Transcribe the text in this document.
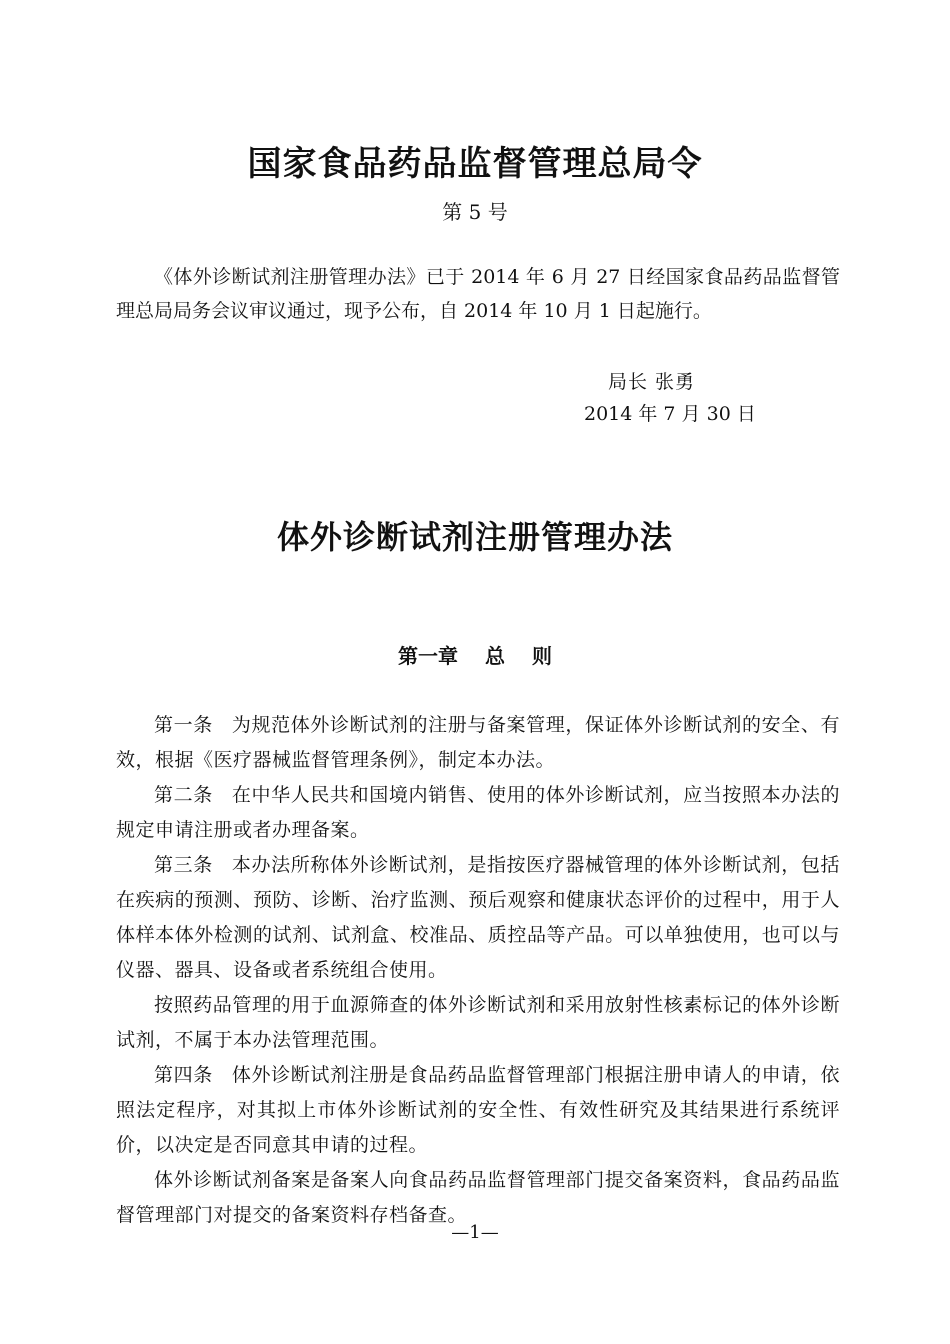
国家食品药品监督管理总局令
第 5 号

《体外诊断试剂注册管理办法》已于 2014 年 6 月 27 日经国家食品药品监督管理总局局务会议审议通过，现予公布，自 2014 年 10 月 1 日起施行。

局长 张勇
2014 年 7 月 30 日
体外诊断试剂注册管理办法
第一章　 总　 则

第一条 为规范体外诊断试剂的注册与备案管理，保证体外诊断试剂的安全、有效，根据《医疗器械监督管理条例》，制定本办法。

第二条 在中华人民共和国境内销售、使用的体外诊断试剂，应当按照本办法的规定申请注册或者办理备案。

第三条 本办法所称体外诊断试剂，是指按医疗器械管理的体外诊断试剂，包括在疾病的预测、预防、诊断、治疗监测、预后观察和健康状态评价的过程中，用于人体样本体外检测的试剂、试剂盒、校准品、质控品等产品。可以单独使用，也可以与仪器、器具、设备或者系统组合使用。

按照药品管理的用于血源筛查的体外诊断试剂和采用放射性核素标记的体外诊断试剂，不属于本办法管理范围。

第四条 体外诊断试剂注册是食品药品监督管理部门根据注册申请人的申请，依照法定程序，对其拟上市体外诊断试剂的安全性、有效性研究及其结果进行系统评价，以决定是否同意其申请的过程。

体外诊断试剂备案是备案人向食品药品监督管理部门提交备案资料，食品药品监督管理部门对提交的备案资料存档备查。

—1—
